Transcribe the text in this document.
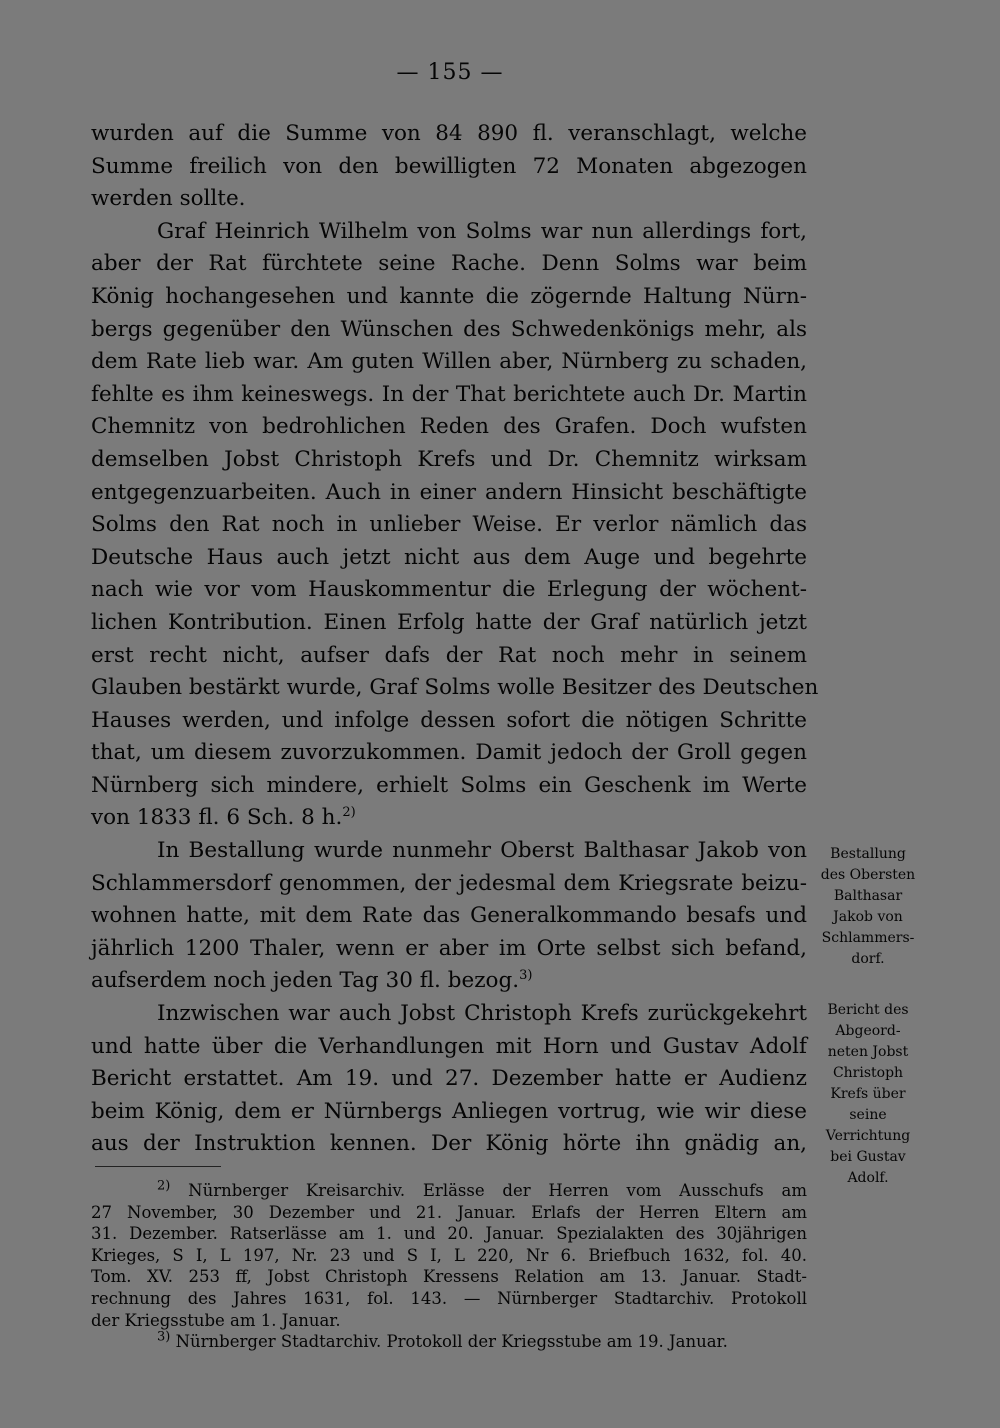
— 155 —
wurden auf die Summe von 84 890 fl. veranschlagt, welche
Summe freilich von den bewilligten 72 Monaten abgezogen
werden sollte.
Graf Heinrich Wilhelm von Solms war nun allerdings fort,
aber der Rat fürchtete seine Rache. Denn Solms war beim
König hochangesehen und kannte die zögernde Haltung Nürn-
bergs gegenüber den Wünschen des Schwedenkönigs mehr, als
dem Rate lieb war. Am guten Willen aber, Nürnberg zu schaden,
fehlte es ihm keineswegs. In der That berichtete auch Dr. Martin
Chemnitz von bedrohlichen Reden des Grafen. Doch wufsten
demselben Jobst Christoph Krefs und Dr. Chemnitz wirksam
entgegenzuarbeiten. Auch in einer andern Hinsicht beschäftigte
Solms den Rat noch in unlieber Weise. Er verlor nämlich das
Deutsche Haus auch jetzt nicht aus dem Auge und begehrte
nach wie vor vom Hauskommentur die Erlegung der wöchent-
lichen Kontribution. Einen Erfolg hatte der Graf natürlich jetzt
erst recht nicht, aufser dafs der Rat noch mehr in seinem
Glauben bestärkt wurde, Graf Solms wolle Besitzer des Deutschen
Hauses werden, und infolge dessen sofort die nötigen Schritte
that, um diesem zuvorzukommen. Damit jedoch der Groll gegen
Nürnberg sich mindere, erhielt Solms ein Geschenk im Werte
von 1833 fl. 6 Sch. 8 h.$^{2)}$
In Bestallung wurde nunmehr Oberst Balthasar Jakob von
Schlammersdorf genommen, der jedesmal dem Kriegsrate beizu-
wohnen hatte, mit dem Rate das Generalkommando besafs und
jährlich 1200 Thaler, wenn er aber im Orte selbst sich befand,
aufserdem noch jeden Tag 30 fl. bezog.$^{3)}$
Inzwischen war auch Jobst Christoph Krefs zurückgekehrt
und hatte über die Verhandlungen mit Horn und Gustav Adolf
Bericht erstattet. Am 19. und 27. Dezember hatte er Audienz
beim König, dem er Nürnbergs Anliegen vortrug, wie wir diese
aus der Instruktion kennen. Der König hörte ihn gnädig an,
Bestallung
des Obersten
Balthasar
Jakob von
Schlammers-
dorf.
Bericht des
Abgeord-
neten Jobst
Christoph
Krefs über
seine
Verrichtung
bei Gustav
Adolf.
$^{2)}$ Nürnberger Kreisarchiv. Erlässe der Herren vom Ausschufs am
27 November, 30 Dezember und 21. Januar. Erlafs der Herren Eltern am
31. Dezember. Ratserlässe am 1. und 20. Januar. Spezialakten des 30jährigen
Krieges, S I, L 197, Nr. 23 und S I, L 220, Nr 6. Briefbuch 1632, fol. 40.
Tom. XV. 253 ff, Jobst Christoph Kressens Relation am 13. Januar. Stadt-
rechnung des Jahres 1631, fol. 143. — Nürnberger Stadtarchiv. Protokoll
der Kriegsstube am 1. Januar.
$^{3)}$ Nürnberger Stadtarchiv. Protokoll der Kriegsstube am 19. Januar.
